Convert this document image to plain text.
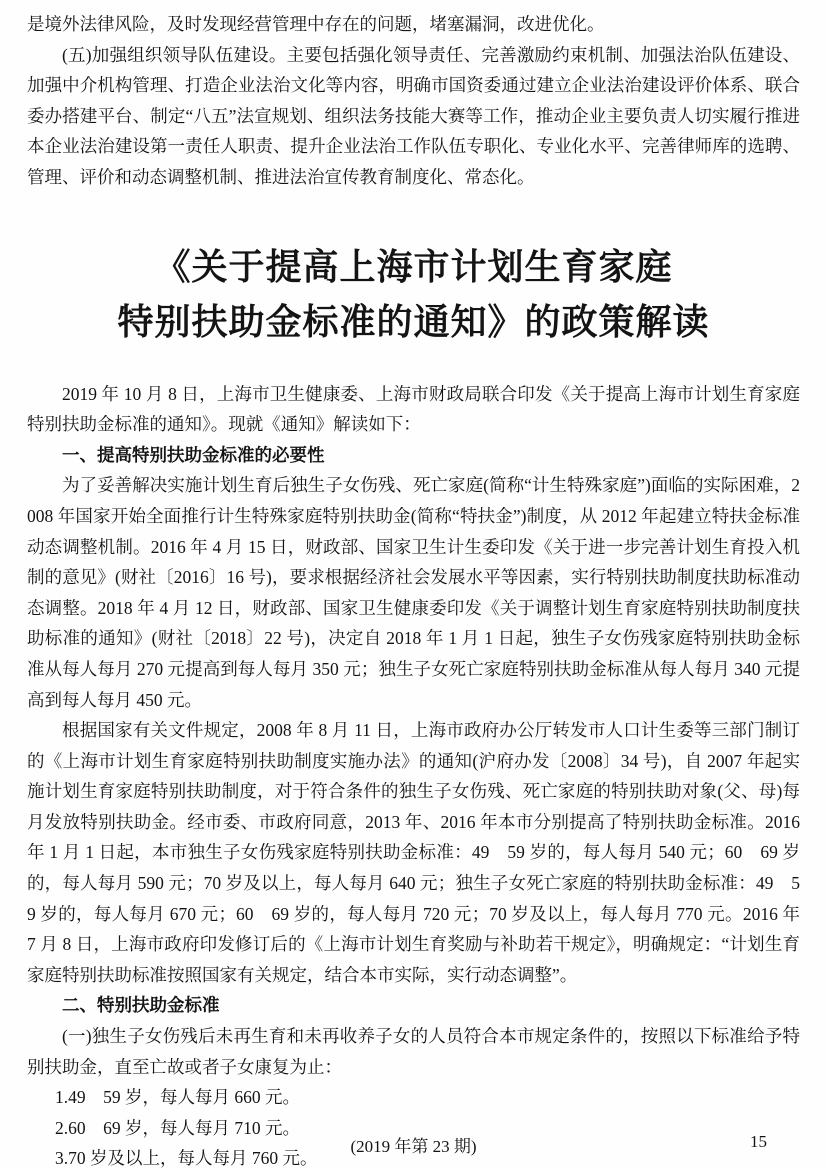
是境外法律风险，及时发现经营管理中存在的问题，堵塞漏洞，改进优化。

(五)加强组织领导队伍建设。主要包括强化领导责任、完善激励约束机制、加强法治队伍建设、加强中介机构管理、打造企业法治文化等内容，明确市国资委通过建立企业法治建设评价体系、联合委办搭建平台、制定“八五”法宣规划、组织法务技能大赛等工作，推动企业主要负责人切实履行推进本企业法治建设第一责任人职责、提升企业法治工作队伍专职化、专业化水平、完善律师库的选聘、管理、评价和动态调整机制、推进法治宣传教育制度化、常态化。

《关于提高上海市计划生育家庭
特别扶助金标准的通知》的政策解读

2019 年 10 月 8 日，上海市卫生健康委、上海市财政局联合印发《关于提高上海市计划生育家庭特别扶助金标准的通知》。现就《通知》解读如下：

一、提高特别扶助金标准的必要性

为了妥善解决实施计划生育后独生子女伤残、死亡家庭(简称“计生特殊家庭”)面临的实际困难，2008 年国家开始全面推行计生特殊家庭特别扶助金(简称“特扶金”)制度，从 2012 年起建立特扶金标准动态调整机制。2016 年 4 月 15 日，财政部、国家卫生计生委印发《关于进一步完善计划生育投入机制的意见》(财社〔2016〕16 号)，要求根据经济社会发展水平等因素，实行特别扶助制度扶助标准动态调整。2018 年 4 月 12 日，财政部、国家卫生健康委印发《关于调整计划生育家庭特别扶助制度扶助标准的通知》(财社〔2018〕22 号)，决定自 2018 年 1 月 1 日起，独生子女伤残家庭特别扶助金标准从每人每月 270 元提高到每人每月 350 元；独生子女死亡家庭特别扶助金标准从每人每月 340 元提高到每人每月 450 元。

根据国家有关文件规定，2008 年 8 月 11 日，上海市政府办公厅转发市人口计生委等三部门制订的《上海市计划生育家庭特别扶助制度实施办法》的通知(沪府办发〔2008〕34 号)，自 2007 年起实施计划生育家庭特别扶助制度，对于符合条件的独生子女伤残、死亡家庭的特别扶助对象(父、母)每月发放特别扶助金。经市委、市政府同意，2013 年、2016 年本市分别提高了特别扶助金标准。2016 年 1 月 1 日起，本市独生子女伤残家庭特别扶助金标准：49　59 岁的，每人每月 540 元；60　69 岁的，每人每月 590 元；70 岁及以上，每人每月 640 元；独生子女死亡家庭的特别扶助金标准：49　59 岁的，每人每月 670 元；60　69 岁的，每人每月 720 元；70 岁及以上，每人每月 770 元。2016 年 7 月 8 日，上海市政府印发修订后的《上海市计划生育奖励与补助若干规定》，明确规定：“计划生育家庭特别扶助标准按照国家有关规定，结合本市实际，实行动态调整”。

二、特别扶助金标准

(一)独生子女伤残后未再生育和未再收养子女的人员符合本市规定条件的，按照以下标准给予特别扶助金，直至亡故或者子女康复为止：

1.49　59 岁，每人每月 660 元。

2.60　69 岁，每人每月 710 元。

3.70 岁及以上，每人每月 760 元。

(2019 年第 23 期)	15
